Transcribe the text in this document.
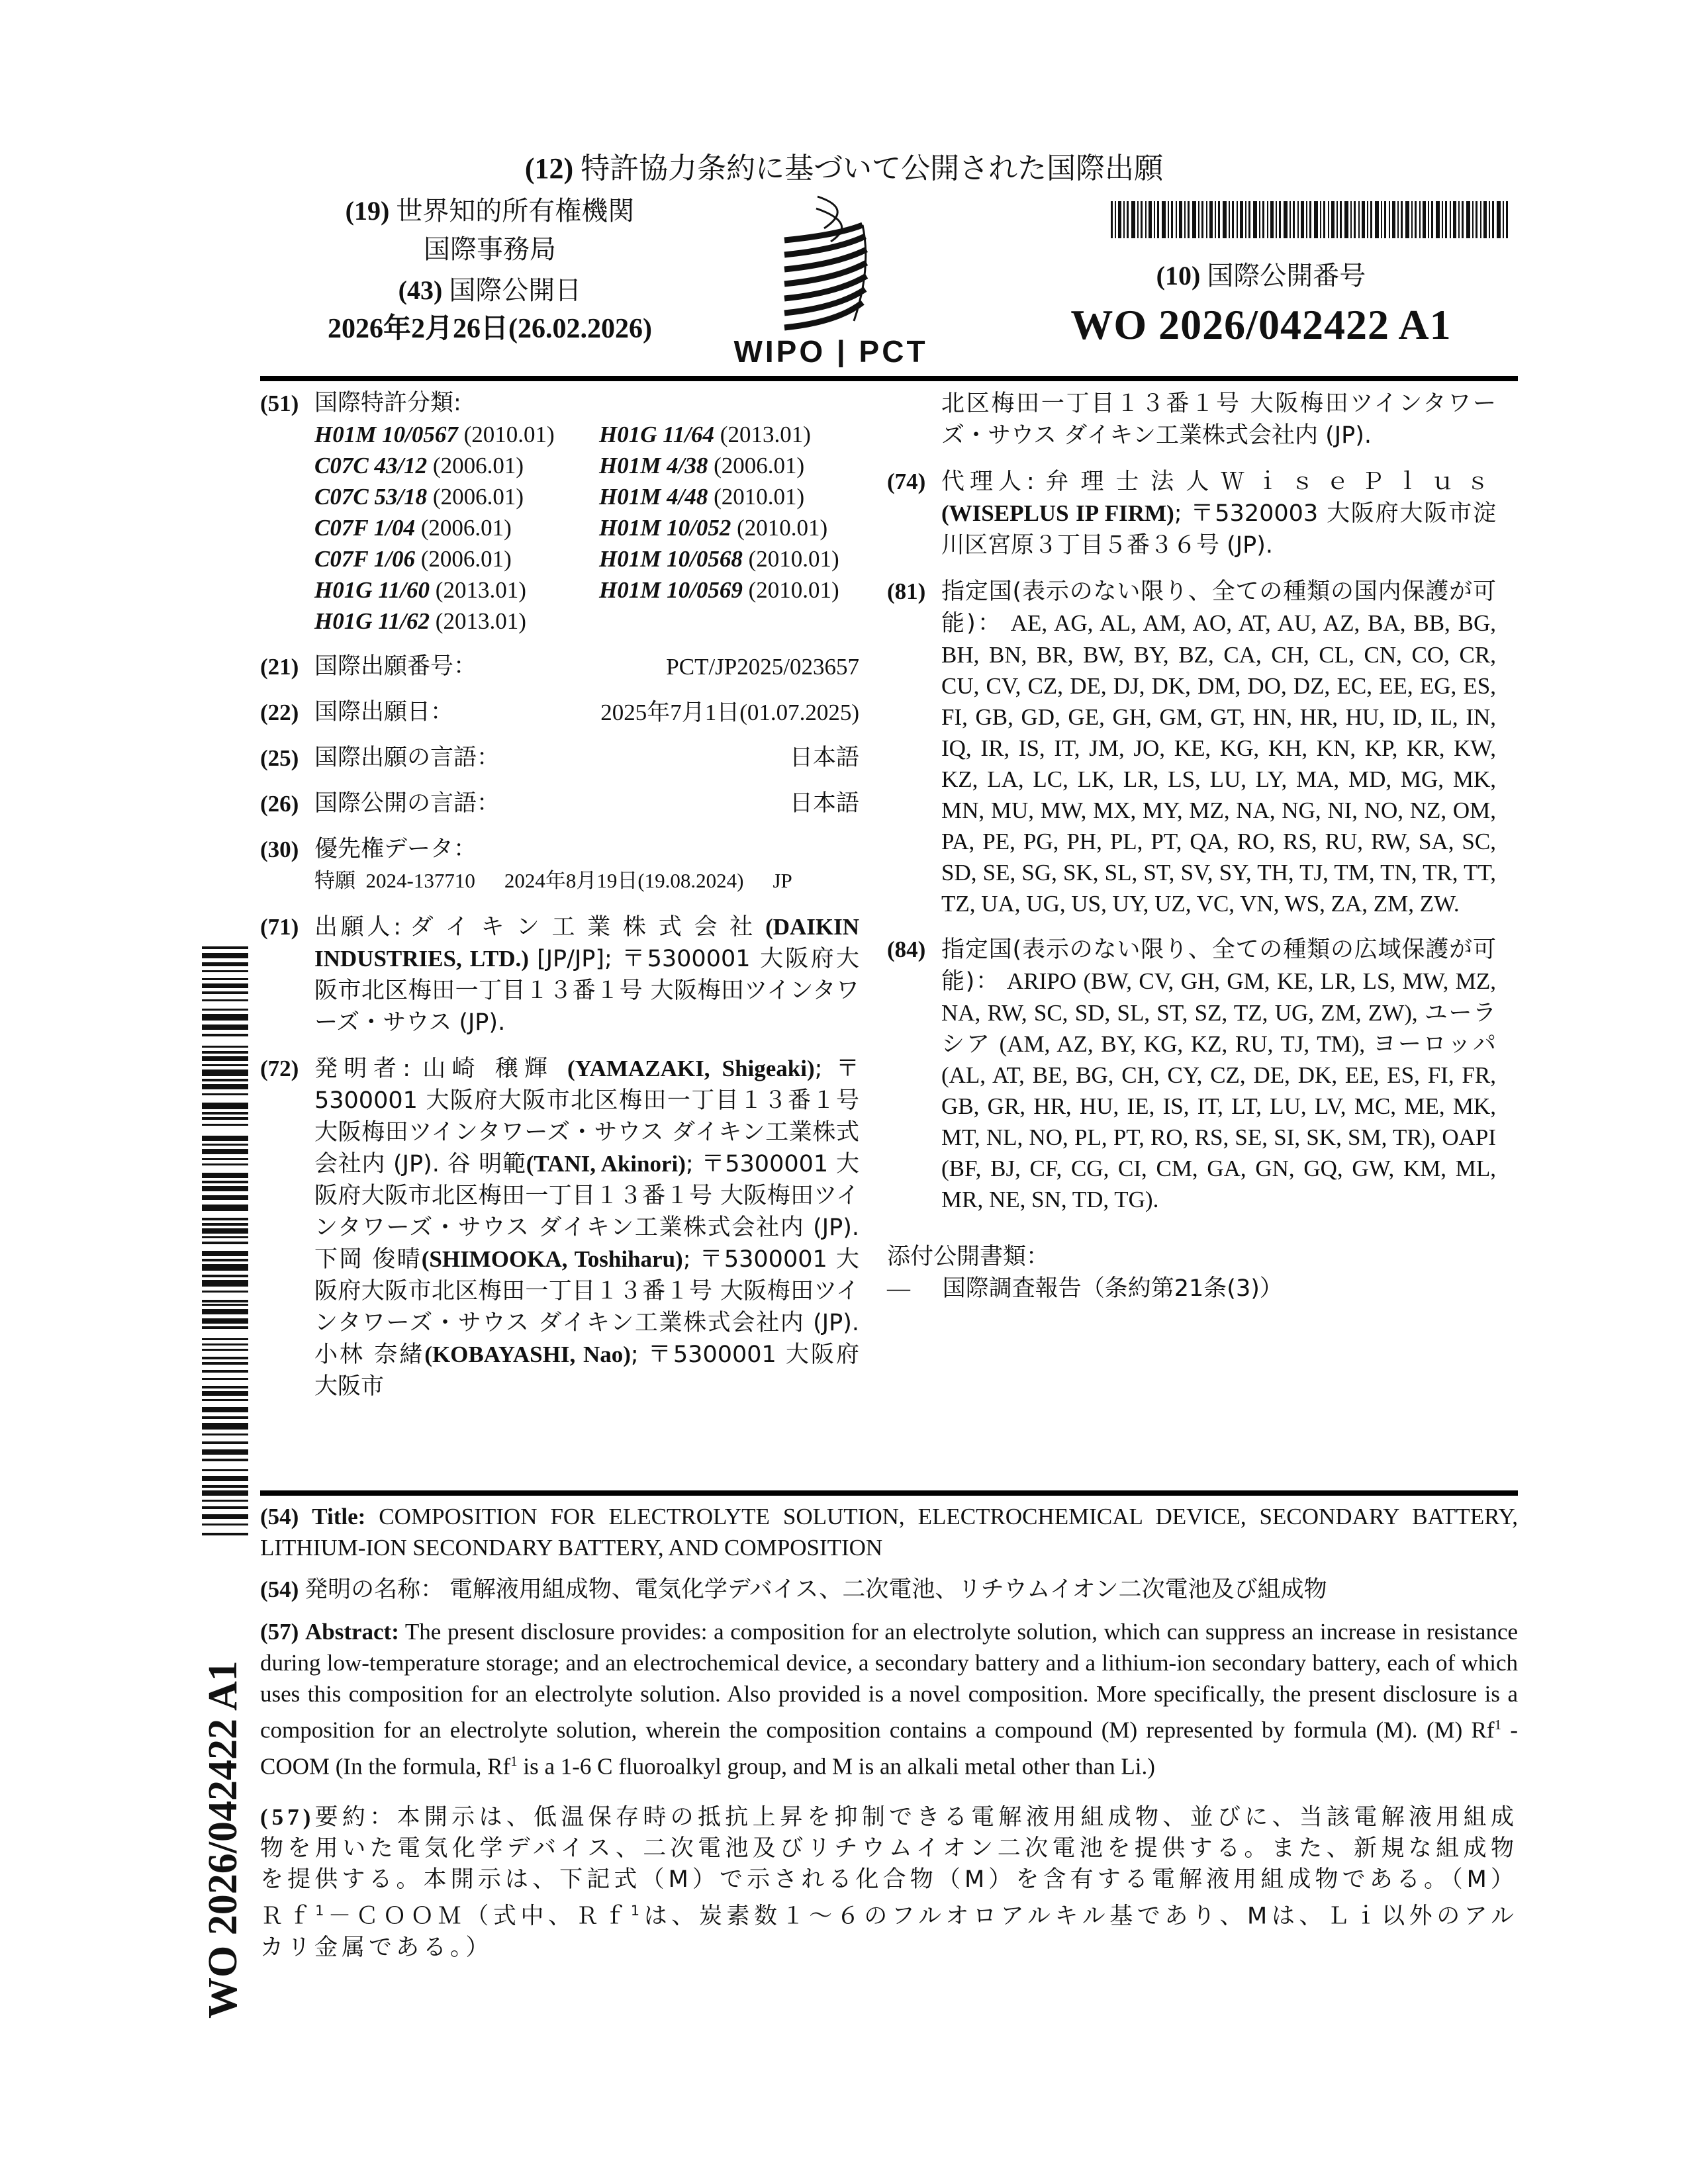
(12) 特許協力条約に基づいて公開された国際出願
(19) 世界知的所有権機関
国際事務局
(43) 国際公開日
2026年2月26日(26.02.2026)
WIPO | PCT
(10) 国際公開番号
WO 2026/042422 A1
(51) 国際特許分類:
H01M 10/0567 (2010.01)	H01G 11/64 (2013.01)
C07C 43/12 (2006.01)	H01M 4/38 (2006.01)
C07C 53/18 (2006.01)	H01M 4/48 (2010.01)
C07F 1/04 (2006.01)	H01M 10/052 (2010.01)
C07F 1/06 (2006.01)	H01M 10/0568 (2010.01)
H01G 11/60 (2013.01)	H01M 10/0569 (2010.01)
H01G 11/62 (2013.01)
(21) 国際出願番号：	PCT/JP2025/023657
(22) 国際出願日：	2025年7月1日(01.07.2025)
(25) 国際出願の言語：	日本語
(26) 国際公開の言語：	日本語
(30) 優先権データ：
特願 2024-137710 2024年8月19日(19.08.2024) JP
(71) 出願人: ダイキン工業株式会社(DAIKIN INDUSTRIES, LTD.) [JP/JP]; 〒5300001 大阪府大阪市北区梅田一丁目１３番１号 大阪梅田ツインタワーズ・サウス (JP).
(72) 発明者: 山崎 穣輝 (YAMAZAKI, Shigeaki); 〒5300001 大阪府大阪市北区梅田一丁目１３番１号 大阪梅田ツインタワーズ・サウス ダイキン工業株式会社内 (JP). 谷 明範(TANI, Akinori); 〒5300001 大阪府大阪市北区梅田一丁目１３番１号 大阪梅田ツインタワーズ・サウス ダイキン工業株式会社内 (JP). 下岡 俊晴(SHIMOOKA, Toshiharu); 〒5300001 大阪府大阪市北区梅田一丁目１３番１号 大阪梅田ツインタワーズ・サウス ダイキン工業株式会社内 (JP). 小林 奈緒(KOBAYASHI, Nao); 〒5300001 大阪府大阪市
北区梅田一丁目１３番１号 大阪梅田ツインタワーズ・サウス ダイキン工業株式会社内 (JP).
(74) 代理人: 弁理士法人ＷｉｓｅＰｌｕｓ (WISEPLUS IP FIRM); 〒5320003 大阪府大阪市淀川区宮原３丁目５番３６号 (JP).
(81) 指定国(表示のない限り、全ての種類の国内保護が可能)： AE, AG, AL, AM, AO, AT, AU, AZ, BA, BB, BG, BH, BN, BR, BW, BY, BZ, CA, CH, CL, CN, CO, CR, CU, CV, CZ, DE, DJ, DK, DM, DO, DZ, EC, EE, EG, ES, FI, GB, GD, GE, GH, GM, GT, HN, HR, HU, ID, IL, IN, IQ, IR, IS, IT, JM, JO, KE, KG, KH, KN, KP, KR, KW, KZ, LA, LC, LK, LR, LS, LU, LY, MA, MD, MG, MK, MN, MU, MW, MX, MY, MZ, NA, NG, NI, NO, NZ, OM, PA, PE, PG, PH, PL, PT, QA, RO, RS, RU, RW, SA, SC, SD, SE, SG, SK, SL, ST, SV, SY, TH, TJ, TM, TN, TR, TT, TZ, UA, UG, US, UY, UZ, VC, VN, WS, ZA, ZM, ZW.
(84) 指定国(表示のない限り、全ての種類の広域保護が可能)： ARIPO (BW, CV, GH, GM, KE, LR, LS, MW, MZ, NA, RW, SC, SD, SL, ST, SZ, TZ, UG, ZM, ZW), ユーラシア (AM, AZ, BY, KG, KZ, RU, TJ, TM), ヨーロッパ (AL, AT, BE, BG, CH, CY, CZ, DE, DK, EE, ES, FI, FR, GB, GR, HR, HU, IE, IS, IT, LT, LU, LV, MC, ME, MK, MT, NL, NO, PL, PT, RO, RS, SE, SI, SK, SM, TR), OAPI (BF, BJ, CF, CG, CI, CM, GA, GN, GQ, GW, KM, ML, MR, NE, SN, TD, TG).
添付公開書類：
— 国際調査報告（条約第21条(3)）

(54) Title: COMPOSITION FOR ELECTROLYTE SOLUTION, ELECTROCHEMICAL DEVICE, SECONDARY BATTERY, LITHIUM-ION SECONDARY BATTERY, AND COMPOSITION

(54) 発明の名称： 電解液用組成物、電気化学デバイス、二次電池、リチウムイオン二次電池及び組成物

(57) Abstract: The present disclosure provides: a composition for an electrolyte solution, which can suppress an increase in resistance during low-temperature storage; and an electrochemical device, a secondary battery and a lithium-ion secondary battery, each of which uses this composition for an electrolyte solution. Also provided is a novel composition. More specifically, the present disclosure is a composition for an electrolyte solution, wherein the composition contains a compound (M) represented by formula (M). (M) Rf$^1$ - COOM (In the formula, Rf$^1$ is a 1-6 C fluoroalkyl group, and M is an alkali metal other than Li.)

(57)要約：本開示は、低温保存時の抵抗上昇を抑制できる電解液用組成物、並びに、当該電解液用組成物を用いた電気化学デバイス、二次電池及びリチウムイオン二次電池を提供する。また、新規な組成物を提供する。本開示は、下記式（M）で示される化合物（M）を含有する電解液用組成物である。（M）Ｒｆ$^1$－ＣＯＯＭ（式中、Ｒｆ$^1$は、炭素数１～６のフルオロアルキル基であり、Mは、Ｌｉ以外のアルカリ金属である。）

WO 2026/042422 A1
